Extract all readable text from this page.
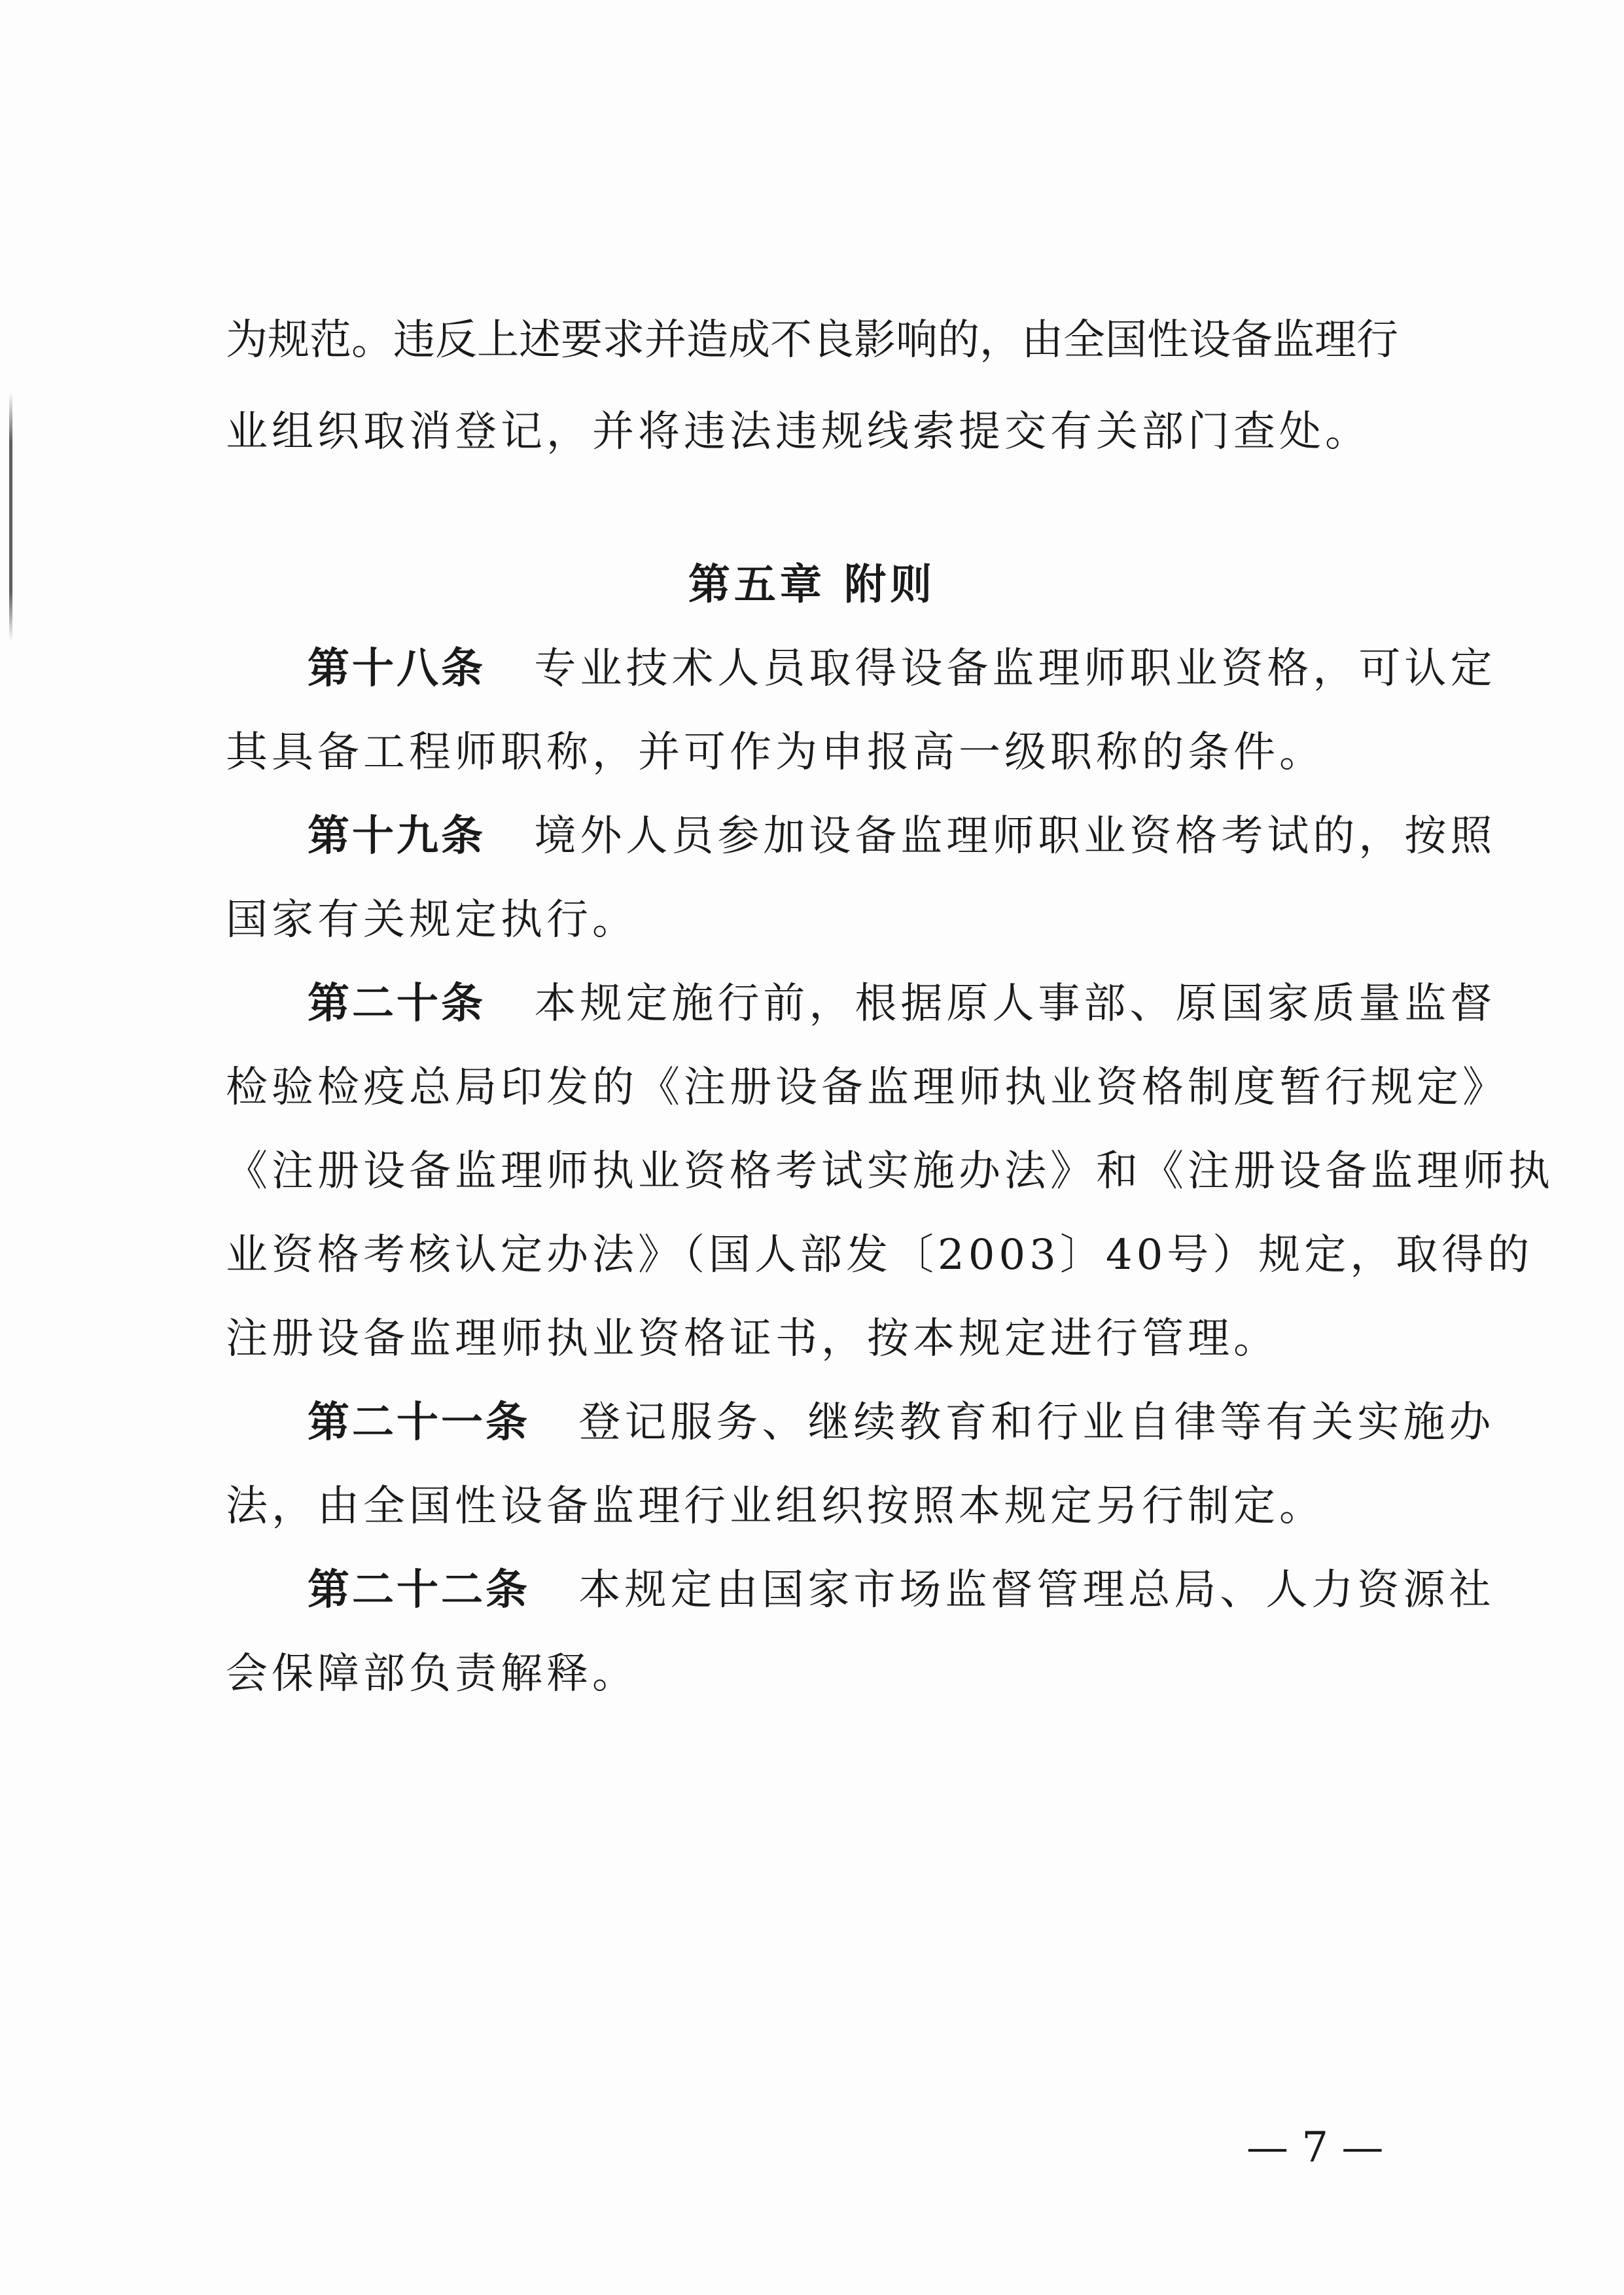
为规范。违反上述要求并造成不良影响的，由全国性设备监理行
业组织取消登记，并将违法违规线索提交有关部门查处。
第五章 附则
第十八条 专业技术人员取得设备监理师职业资格，可认定
其具备工程师职称，并可作为申报高一级职称的条件。
第十九条 境外人员参加设备监理师职业资格考试的，按照
国家有关规定执行。
第二十条 本规定施行前，根据原人事部、原国家质量监督
检验检疫总局印发的《注册设备监理师执业资格制度暂行规定》
《注册设备监理师执业资格考试实施办法》和《注册设备监理师执
业资格考核认定办法》（国人部发〔2003〕40号）规定，取得的
注册设备监理师执业资格证书，按本规定进行管理。
第二十一条 登记服务、继续教育和行业自律等有关实施办
法，由全国性设备监理行业组织按照本规定另行制定。
第二十二条 本规定由国家市场监督管理总局、人力资源社
会保障部负责解释。
— 7 —
